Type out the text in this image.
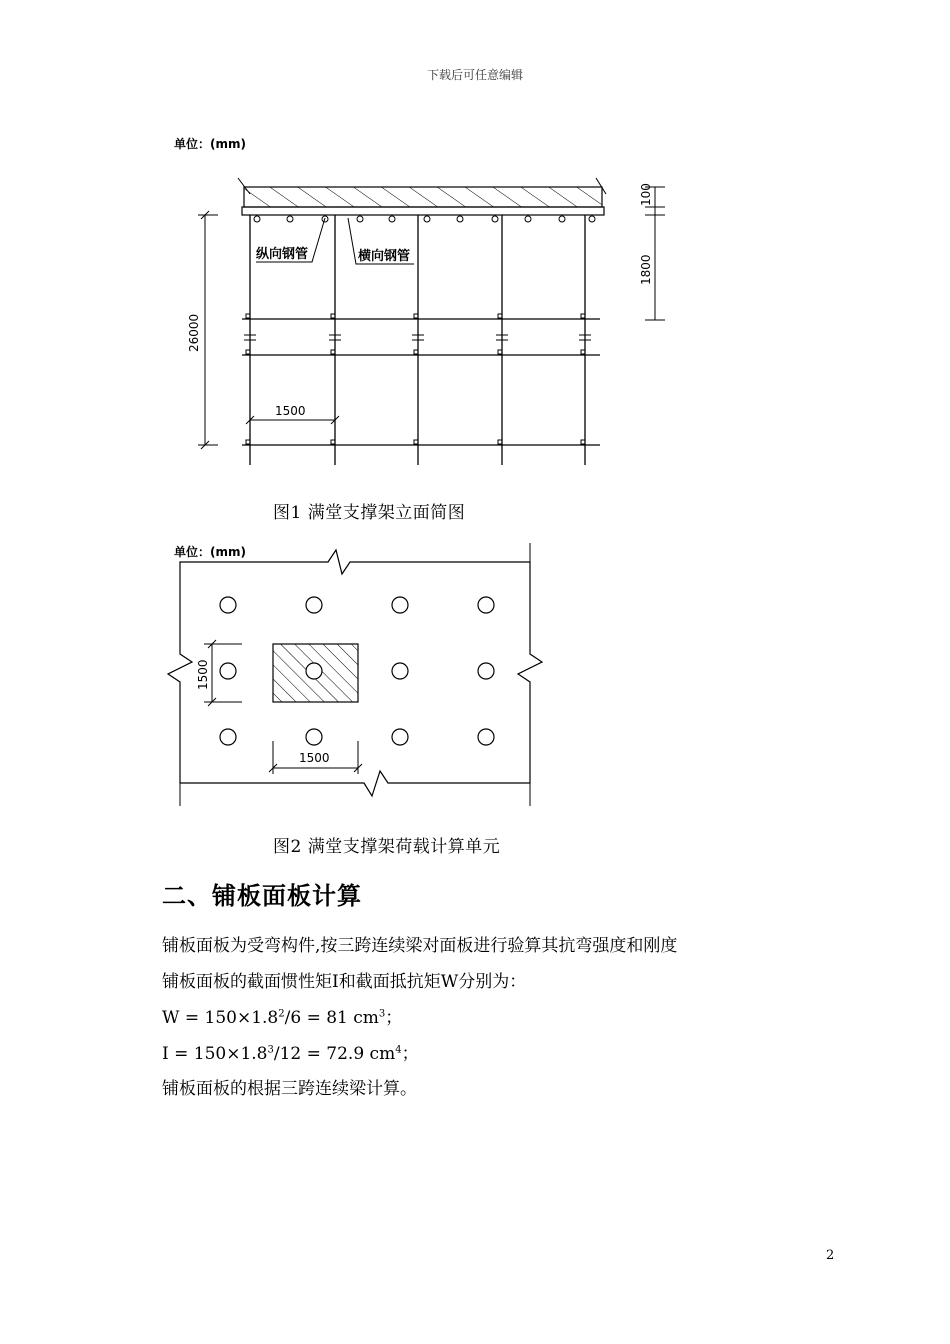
下载后可任意编辑
单位：(mm)
纵向钢管	横向钢管
26000
100
1800
1500
图1 满堂支撑架立面简图
单位：(mm)
1500
1500
图2 满堂支撑架荷载计算单元
二、铺板面板计算
铺板面板为受弯构件,按三跨连续梁对面板进行验算其抗弯强度和刚度
铺板面板的截面惯性矩I和截面抵抗矩W分别为：
$W = 150\times 1.8^2/6 = 81$ $cm^3$；
$I = 150\times 1.8^3/12 = 72.9$ $cm^4$；
铺板面板的根据三跨连续梁计算。
2
